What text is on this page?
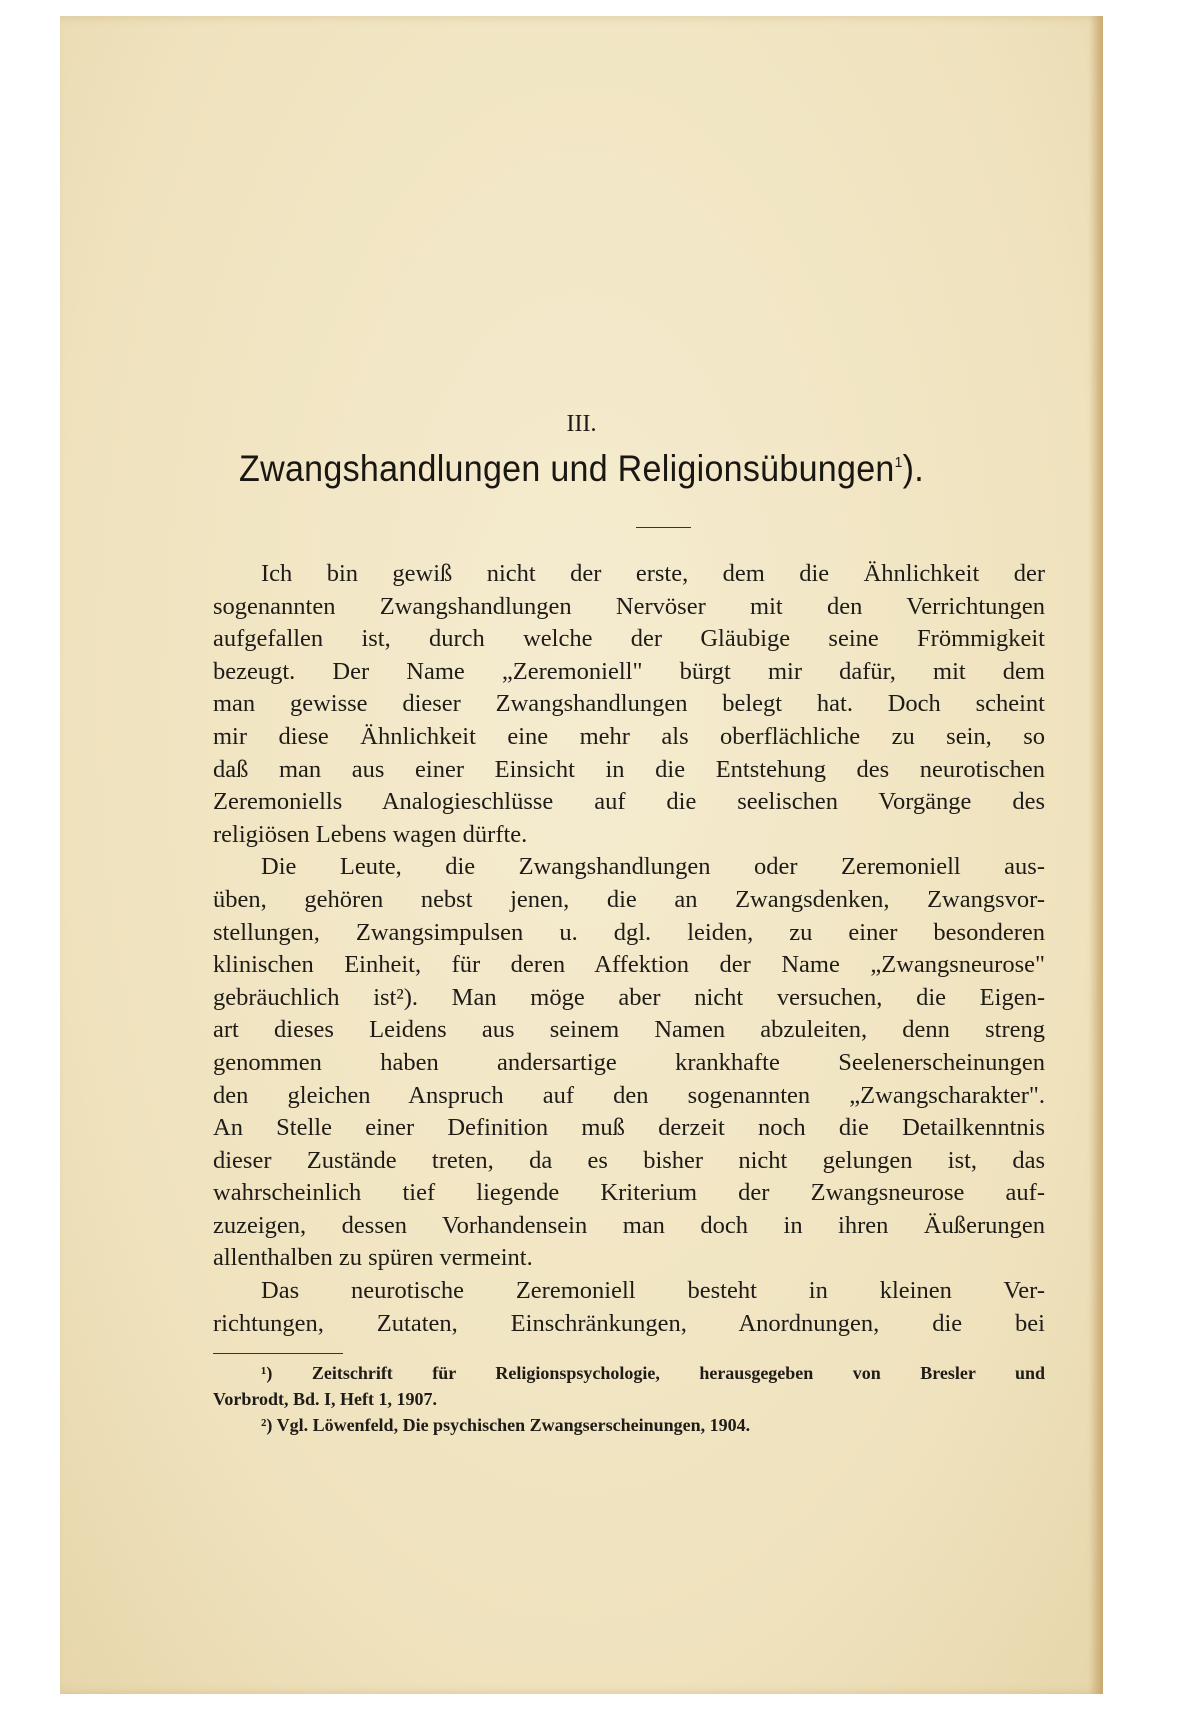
III.
Zwangshandlungen und Religionsübungen$^1$).
Ich bin gewiß nicht der erste, dem die Ähnlichkeit der
sogenannten Zwangshandlungen Nervöser mit den Verrichtungen
aufgefallen ist, durch welche der Gläubige seine Frömmigkeit
bezeugt. Der Name „Zeremoniell" bürgt mir dafür, mit dem
man gewisse dieser Zwangshandlungen belegt hat. Doch scheint
mir diese Ähnlichkeit eine mehr als oberflächliche zu sein, so
daß man aus einer Einsicht in die Entstehung des neurotischen
Zeremoniells Analogieschlüsse auf die seelischen Vorgänge des
religiösen Lebens wagen dürfte.
Die Leute, die Zwangshandlungen oder Zeremoniell aus-
üben, gehören nebst jenen, die an Zwangsdenken, Zwangsvor-
stellungen, Zwangsimpulsen u. dgl. leiden, zu einer besonderen
klinischen Einheit, für deren Affektion der Name „Zwangsneurose"
gebräuchlich ist²). Man möge aber nicht versuchen, die Eigen-
art dieses Leidens aus seinem Namen abzuleiten, denn streng
genommen haben andersartige krankhafte Seelenerscheinungen
den gleichen Anspruch auf den sogenannten „Zwangscharakter".
An Stelle einer Definition muß derzeit noch die Detailkenntnis
dieser Zustände treten, da es bisher nicht gelungen ist, das
wahrscheinlich tief liegende Kriterium der Zwangsneurose auf-
zuzeigen, dessen Vorhandensein man doch in ihren Äußerungen
allenthalben zu spüren vermeint.
Das neurotische Zeremoniell besteht in kleinen Ver-
richtungen, Zutaten, Einschränkungen, Anordnungen, die bei
¹) Zeitschrift für Religionspsychologie, herausgegeben von Bresler und
Vorbrodt, Bd. I, Heft 1, 1907.
²) Vgl. Löwenfeld, Die psychischen Zwangserscheinungen, 1904.
